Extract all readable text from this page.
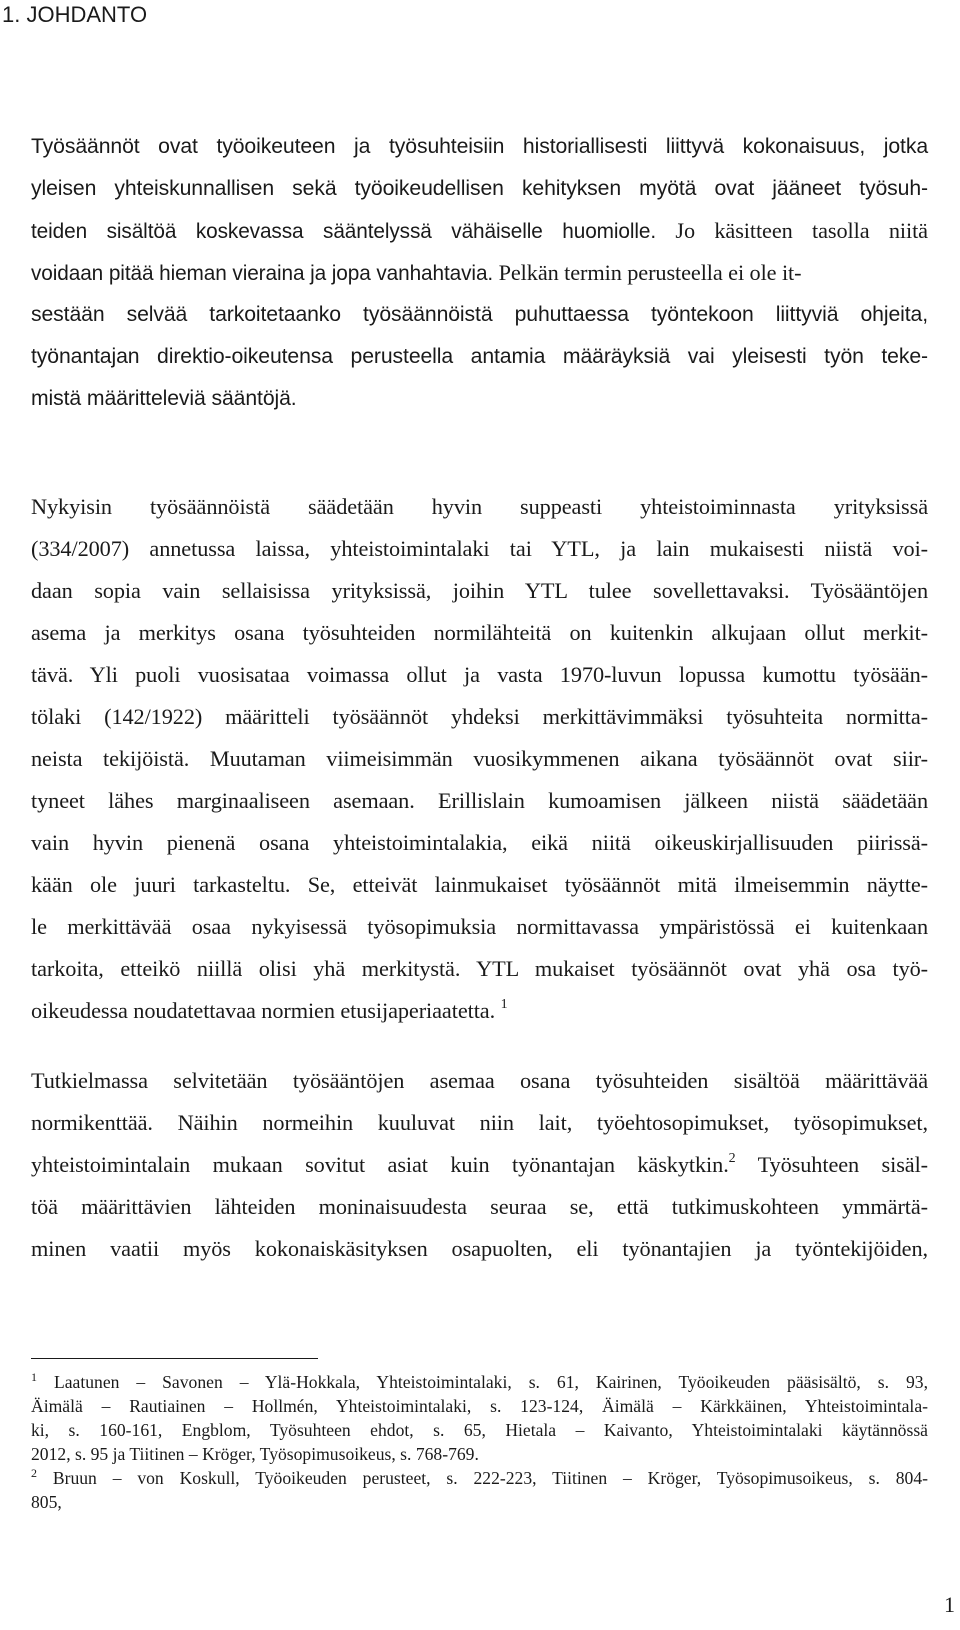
1. JOHDANTO
Työsäännöt ovat työoikeuteen ja työsuhteisiin historiallisesti liittyvä kokonaisuus, jotka
yleisen yhteiskunnallisen sekä työoikeudellisen kehityksen myötä ovat jääneet työsuh-
teiden sisältöä koskevassa sääntelyssä vähäiselle huomiolle. Jo käsitteen tasolla niitä
voidaan pitää hieman vieraina ja jopa vanhahtavia. Pelkän termin perusteella ei ole it-
sestään selvää tarkoitetaanko työsäännöistä puhuttaessa työntekoon liittyviä ohjeita,
työnantajan direktio-oikeutensa perusteella antamia määräyksiä vai yleisesti työn teke-
mistä määritteleviä sääntöjä.
Nykyisin työsäännöistä säädetään hyvin suppeasti yhteistoiminnasta yrityksissä
(334/2007) annetussa laissa, yhteistoimintalaki tai YTL, ja lain mukaisesti niistä voi-
daan sopia vain sellaisissa yrityksissä, joihin YTL tulee sovellettavaksi. Työsääntöjen
asema ja merkitys osana työsuhteiden normilähteitä on kuitenkin alkujaan ollut merkit-
tävä. Yli puoli vuosisataa voimassa ollut ja vasta 1970-luvun lopussa kumottu työsään-
tölaki (142/1922) määritteli työsäännöt yhdeksi merkittävimmäksi työsuhteita normitta-
neista tekijöistä. Muutaman viimeisimmän vuosikymmenen aikana työsäännöt ovat siir-
tyneet lähes marginaaliseen asemaan. Erillislain kumoamisen jälkeen niistä säädetään
vain hyvin pienenä osana yhteistoimintalakia, eikä niitä oikeuskirjallisuuden piirissä-
kään ole juuri tarkasteltu. Se, etteivät lainmukaiset työsäännöt mitä ilmeisemmin näytte-
le merkittävää osaa nykyisessä työsopimuksia normittavassa ympäristössä ei kuitenkaan
tarkoita, etteikö niillä olisi yhä merkitystä. YTL mukaiset työsäännöt ovat yhä osa työ-
oikeudessa noudatettavaa normien etusijaperiaatetta. $^1$
Tutkielmassa selvitetään työsääntöjen asemaa osana työsuhteiden sisältöä määrittävää
normikenttää. Näihin normeihin kuuluvat niin lait, työehtosopimukset, työsopimukset,
yhteistoimintalain mukaan sovitut asiat kuin työnantajan käskytkin.$^2$ Työsuhteen sisäl-
töä määrittävien lähteiden moninaisuudesta seuraa se, että tutkimuskohteen ymmärtä-
minen vaatii myös kokonaiskäsityksen osapuolten, eli työnantajien ja työntekijöiden,
$^1$ Laatunen – Savonen – Ylä-Hokkala, Yhteistoimintalaki, s. 61, Kairinen, Työoikeuden pääsisältö, s. 93,
Äimälä – Rautiainen – Hollmén, Yhteistoimintalaki, s. 123-124, Äimälä – Kärkkäinen, Yhteistoimintala-
ki, s. 160-161, Engblom, Työsuhteen ehdot, s. 65, Hietala – Kaivanto, Yhteistoimintalaki käytännössä
2012, s. 95 ja Tiitinen – Kröger, Työsopimusoikeus, s. 768-769.
$^2$ Bruun – von Koskull, Työoikeuden perusteet, s. 222-223, Tiitinen – Kröger, Työsopimusoikeus, s. 804-
805,
1
